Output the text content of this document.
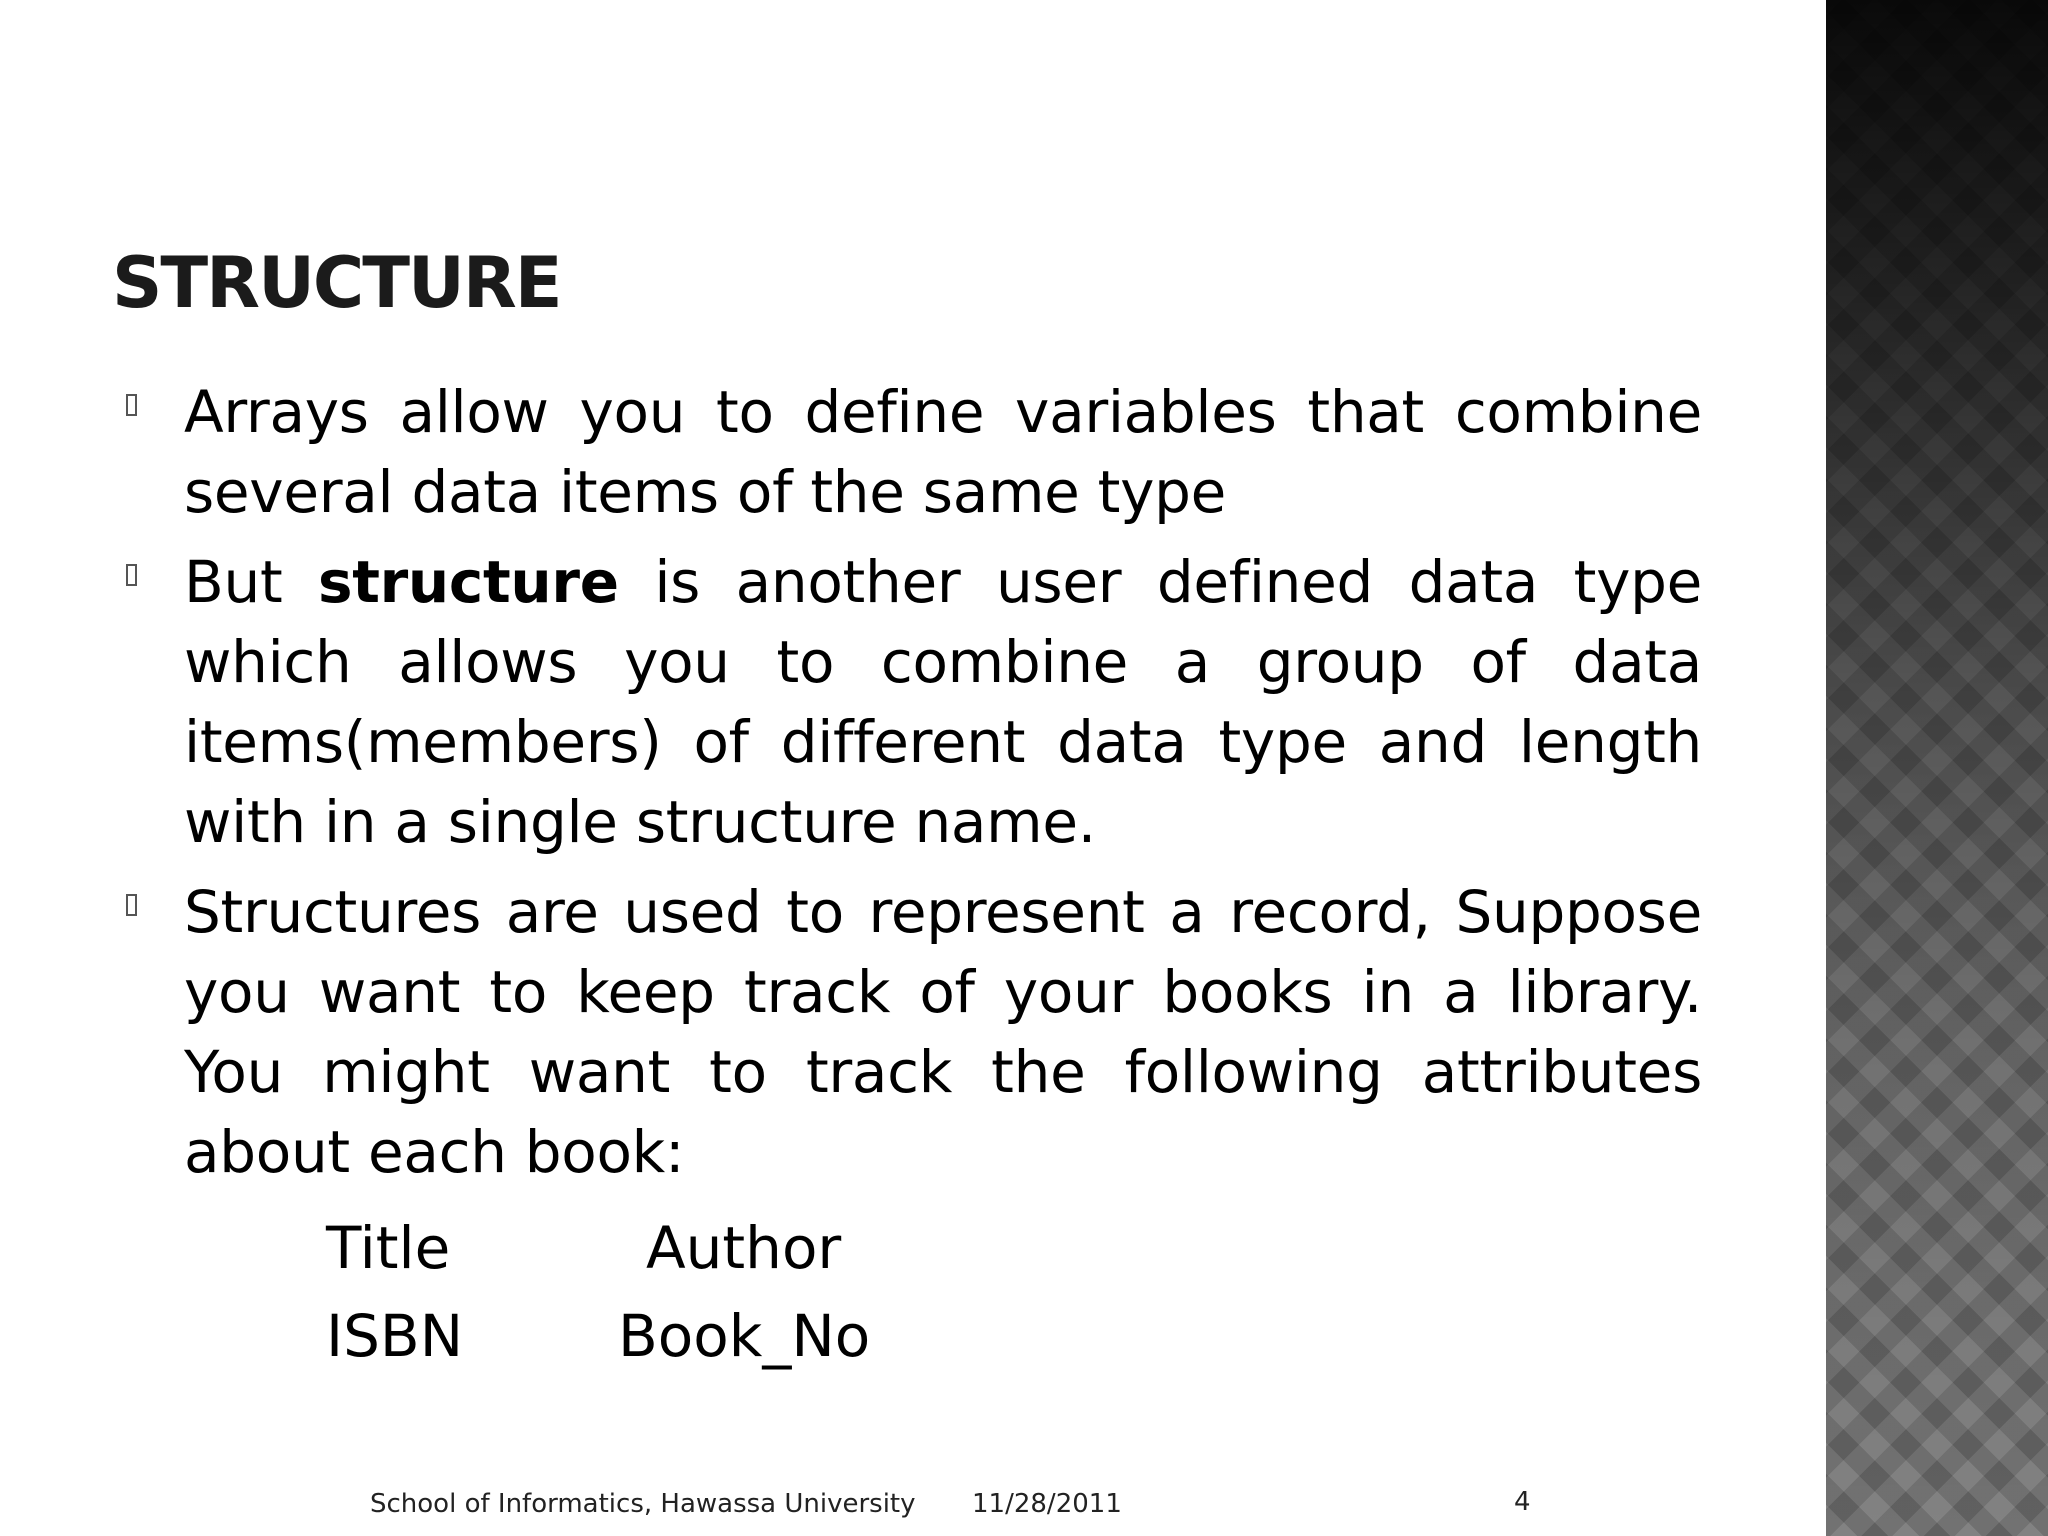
STRUCTURE
Arrays allow you to define variables that combine several data items of the same type
But structure is another user defined data type which allows you to combine a group of data items(members) of different data type and length with in a single structure name.
Structures are used to represent a record, Suppose you want to keep track of your books in a library. You might want to track the following attributes about each book:
Title	Author
ISBN	Book_No
School of Informatics, Hawassa University 11/28/2011	4
